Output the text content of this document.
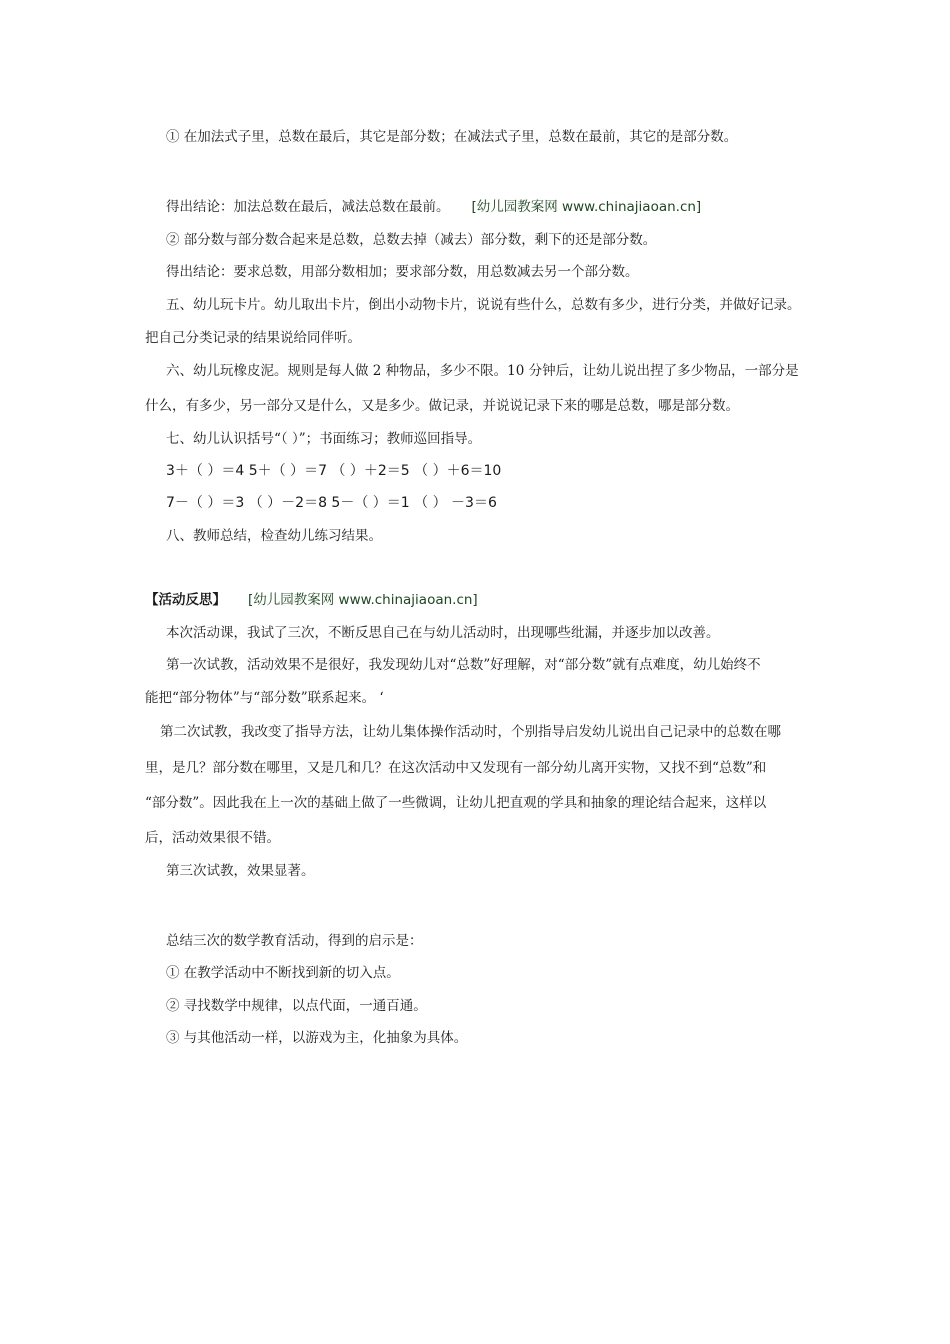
① 在加法式子里，总数在最后，其它是部分数；在减法式子里，总数在最前，其它的是部分数。
得出结论：加法总数在最后，减法总数在最前。 [幼儿园教案网 www.chinajiaoan.cn]
② 部分数与部分数合起来是总数，总数去掉（减去）部分数，剩下的还是部分数。
得出结论：要求总数，用部分数相加；要求部分数，用总数减去另一个部分数。
五、幼儿玩卡片。幼儿取出卡片，倒出小动物卡片，说说有些什么，总数有多少，进行分类，并做好记录。
把自己分类记录的结果说给同伴听。
六、幼儿玩橡皮泥。规则是每人做 2 种物品，多少不限。10 分钟后，让幼儿说出捏了多少物品，一部分是
什么，有多少，另一部分又是什么，又是多少。做记录，并说说记录下来的哪是总数，哪是部分数。
七、幼儿认识括号“（ ）”；书面练习；教师巡回指导。
3＋（ ）＝4 5＋（ ）＝7 （ ）＋2＝5 （ ）＋6＝10
7－（ ）＝3 （ ）－2＝8 5－（ ）＝1 （ ） －3＝6
八、教师总结，检查幼儿练习结果。
【活动反思】 [幼儿园教案网 www.chinajiaoan.cn]
本次活动课，我试了三次，不断反思自己在与幼儿活动时，出现哪些纰漏，并逐步加以改善。
第一次试教，活动效果不是很好，我发现幼儿对“总数”好理解，对“部分数”就有点难度，幼儿始终不
能把“部分物体”与“部分数”联系起来。 ‘
第二次试教，我改变了指导方法，让幼儿集体操作活动时，个别指导启发幼儿说出自己记录中的总数在哪
里，是几？部分数在哪里，又是几和几？在这次活动中又发现有一部分幼儿离开实物，又找不到“总数”和
“部分数”。因此我在上一次的基础上做了一些微调，让幼儿把直观的学具和抽象的理论结合起来，这样以
后，活动效果很不错。
第三次试教，效果显著。
总结三次的数学教育活动，得到的启示是：
① 在教学活动中不断找到新的切入点。
② 寻找数学中规律，以点代面，一通百通。
③ 与其他活动一样，以游戏为主，化抽象为具体。
